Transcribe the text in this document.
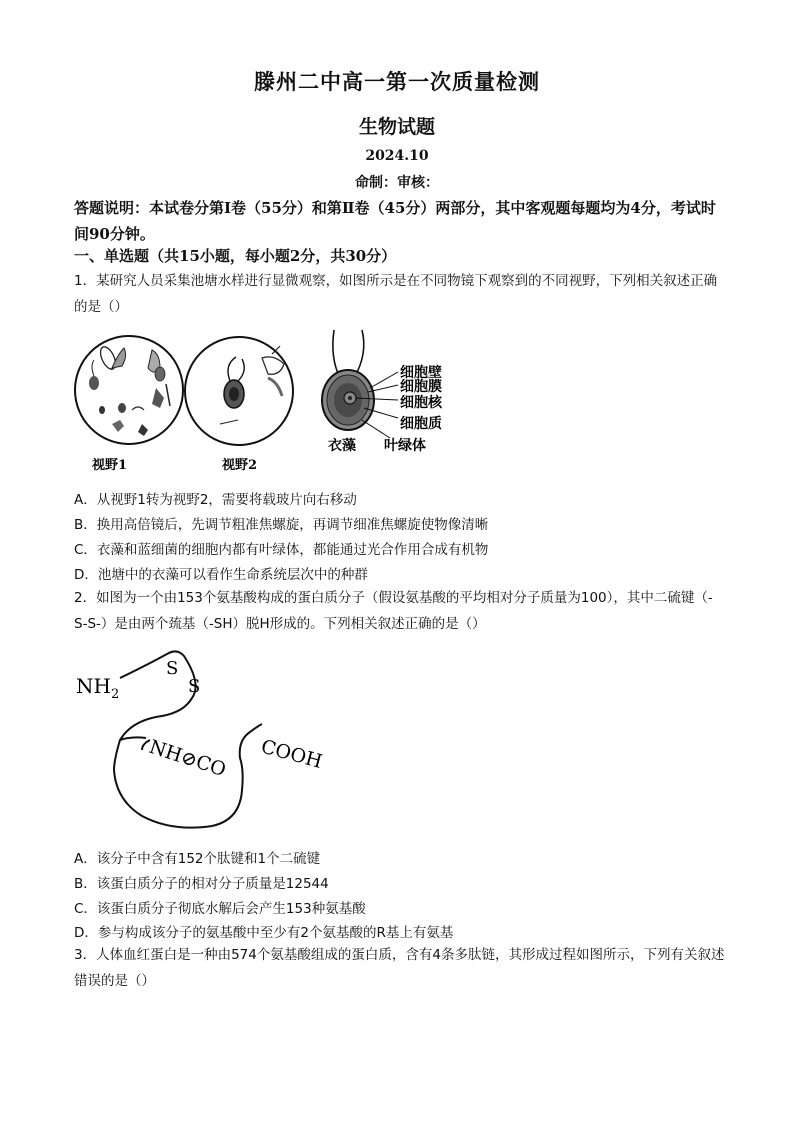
滕州二中高一第一次质量检测
生物试题
2024.10
命制：审核：
答题说明：本试卷分第Ⅰ卷（55分）和第Ⅱ卷（45分）两部分，其中客观题每题均为4分，考试时间90分钟。
一、单选题（共15小题，每小题2分，共30分）
1．某研究人员采集池塘水样进行显微观察，如图所示是在不同物镜下观察到的不同视野，下列相关叙述正确的是（）
视野1	视野2
细胞壁
细胞膜
细胞核
细胞质
叶绿体
衣藻
A．从视野1转为视野2，需要将载玻片向右移动
B．换用高倍镜后，先调节粗准焦螺旋，再调节细准焦螺旋使物像清晰
C．衣藻和蓝细菌的细胞内都有叶绿体，都能通过光合作用合成有机物
D．池塘中的衣藻可以看作生命系统层次中的种群
2．如图为一个由153个氨基酸构成的蛋白质分子（假设氨基酸的平均相对分子质量为100），其中二硫键（-S-S-）是由两个巯基（-SH）脱H形成的。下列相关叙述正确的是（）
$NH_2$
S
S
NH⊘CO COOH
A．该分子中含有152个肽键和1个二硫键
B．该蛋白质分子的相对分子质量是12544
C．该蛋白质分子彻底水解后会产生153种氨基酸
D．参与构成该分子的氨基酸中至少有2个氨基酸的R基上有氨基
3．人体血红蛋白是一种由574个氨基酸组成的蛋白质，含有4条多肽链，其形成过程如图所示，下列有关叙述错误的是（）
